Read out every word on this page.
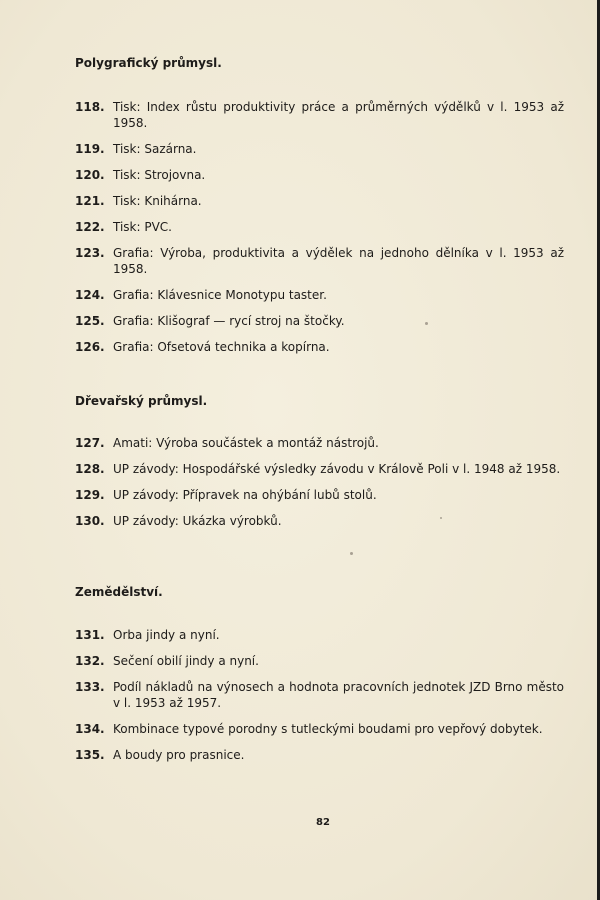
Polygrafický průmysl.
118. Tisk: Index růstu produktivity práce a průměrných výdělků v l. 1953 až 1958.
119. Tisk: Sazárna.
120. Tisk: Strojovna.
121. Tisk: Knihárna.
122. Tisk: PVC.
123. Grafia: Výroba, produktivita a výdělek na jednoho dělníka v l. 1953 až 1958.
124. Grafia: Klávesnice Monotypu taster.
125. Grafia: Klišograf — rycí stroj na štočky.
126. Grafia: Ofsetová technika a kopírna.
Dřevařský průmysl.
127. Amati: Výroba součástek a montáž nástrojů.
128. UP závody: Hospodářské výsledky závodu v Králově Poli v l. 1948 až 1958.
129. UP závody: Přípravek na ohýbání lubů stolů.
130. UP závody: Ukázka výrobků.
Zemědělství.
131. Orba jindy a nyní.
132. Sečení obilí jindy a nyní.
133. Podíl nákladů na výnosech a hodnota pracovních jednotek JZD Brno město v l. 1953 až 1957.
134. Kombinace typové porodny s tutleckými boudami pro vepřový dobytek.
135. A boudy pro prasnice.
82
